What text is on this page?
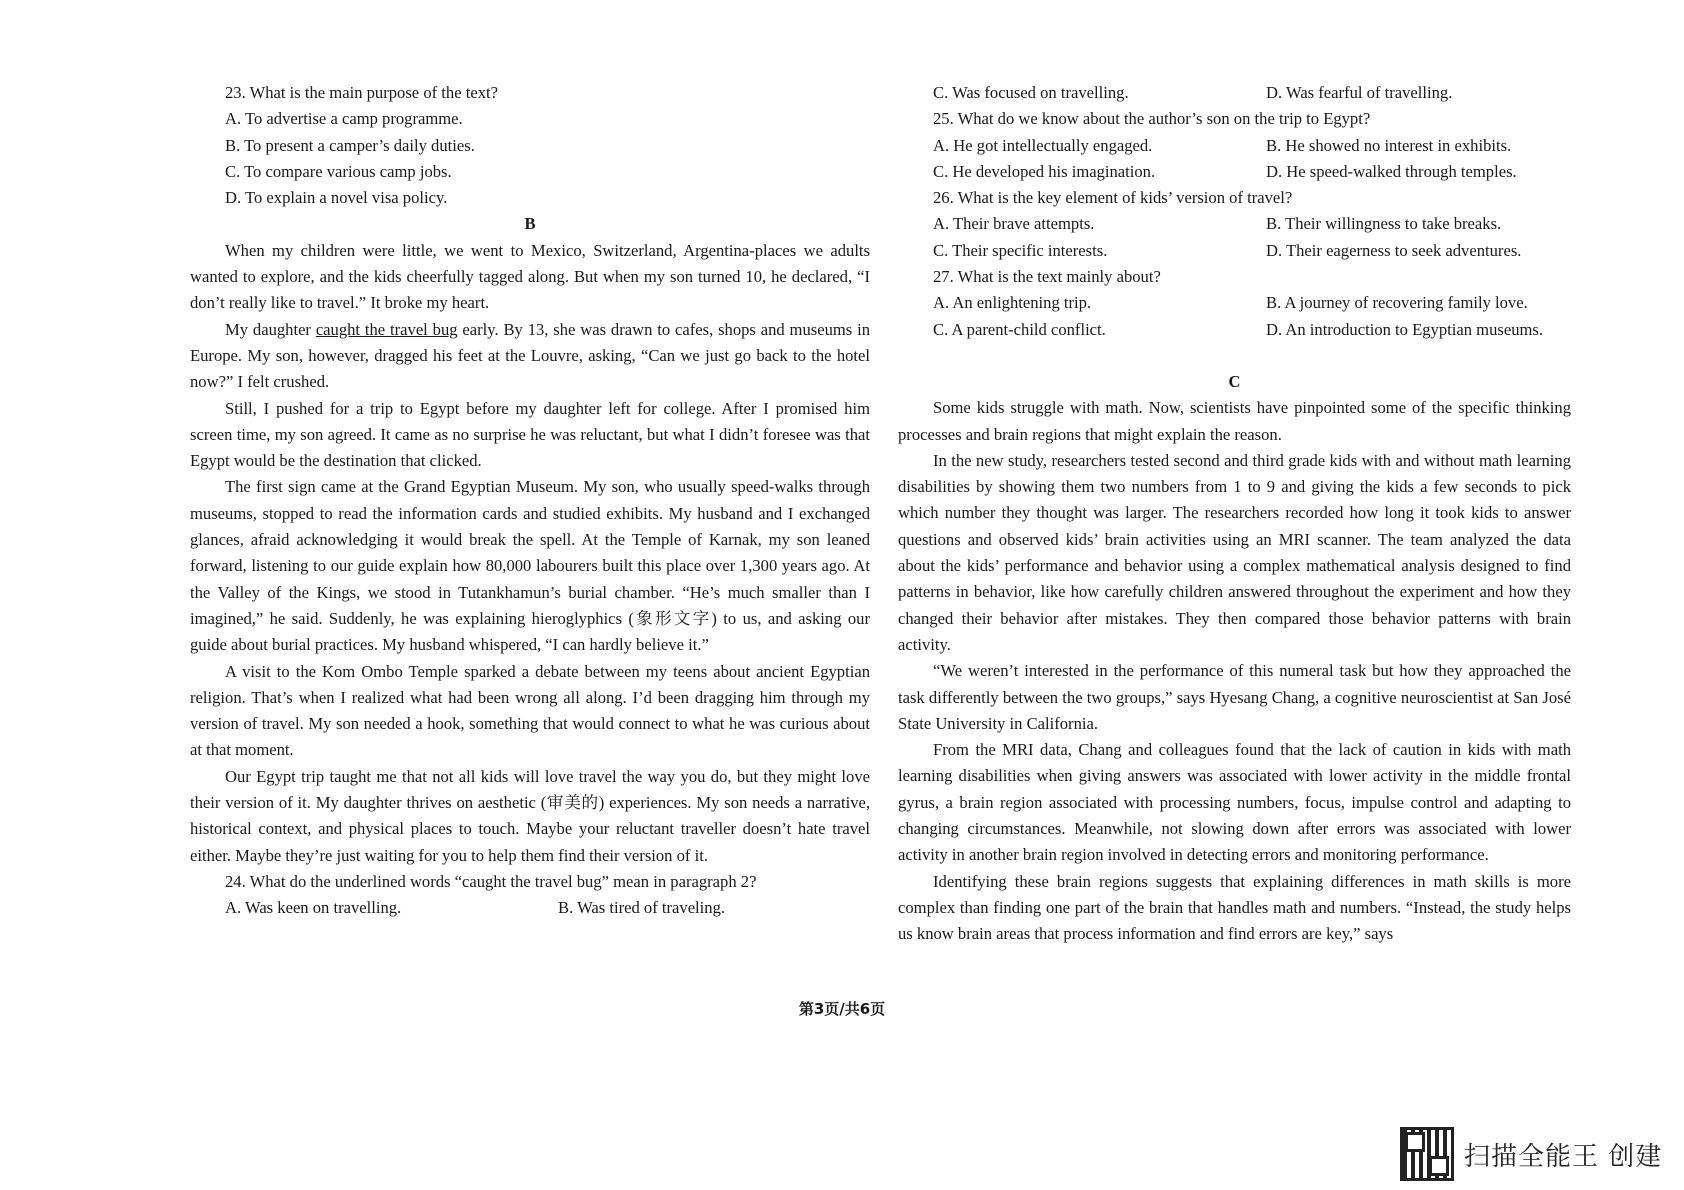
23. What is the main purpose of the text?

A. To advertise a camp programme.

B. To present a camper’s daily duties.

C. To compare various camp jobs.

D. To explain a novel visa policy.

B

When my children were little, we went to Mexico, Switzerland, Argentina-places we adults wanted to explore, and the kids cheerfully tagged along. But when my son turned 10, he declared, “I don’t really like to travel.” It broke my heart.

My daughter caught the travel bug early. By 13, she was drawn to cafes, shops and museums in Europe. My son, however, dragged his feet at the Louvre, asking, “Can we just go back to the hotel now?” I felt crushed.

Still, I pushed for a trip to Egypt before my daughter left for college. After I promised him screen time, my son agreed. It came as no surprise he was reluctant, but what I didn’t foresee was that Egypt would be the destination that clicked.

The first sign came at the Grand Egyptian Museum. My son, who usually speed-walks through museums, stopped to read the information cards and studied exhibits. My husband and I exchanged glances, afraid acknowledging it would break the spell. At the Temple of Karnak, my son leaned forward, listening to our guide explain how 80,000 labourers built this place over 1,300 years ago. At the Valley of the Kings, we stood in Tutankhamun’s burial chamber. “He’s much smaller than I imagined,” he said. Suddenly, he was explaining hieroglyphics (象形文字) to us, and asking our guide about burial practices. My husband whispered, “I can hardly believe it.”

A visit to the Kom Ombo Temple sparked a debate between my teens about ancient Egyptian religion. That’s when I realized what had been wrong all along. I’d been dragging him through my version of travel. My son needed a hook, something that would connect to what he was curious about at that moment.

Our Egypt trip taught me that not all kids will love travel the way you do, but they might love their version of it. My daughter thrives on aesthetic (审美的) experiences. My son needs a narrative, historical context, and physical places to touch. Maybe your reluctant traveller doesn’t hate travel either. Maybe they’re just waiting for you to help them find their version of it.

24. What do the underlined words “caught the travel bug” mean in paragraph 2?

A. Was keen on travelling.	B. Was tired of traveling.
C. Was focused on travelling.	D. Was fearful of travelling.

25. What do we know about the author’s son on the trip to Egypt?

A. He got intellectually engaged.	B. He showed no interest in exhibits.
C. He developed his imagination.	D. He speed-walked through temples.

26. What is the key element of kids’ version of travel?

A. Their brave attempts.	B. Their willingness to take breaks.
C. Their specific interests.	D. Their eagerness to seek adventures.

27. What is the text mainly about?

A. An enlightening trip.	B. A journey of recovering family love.
C. A parent-child conflict.	D. An introduction to Egyptian museums.

C

Some kids struggle with math. Now, scientists have pinpointed some of the specific thinking processes and brain regions that might explain the reason.

In the new study, researchers tested second and third grade kids with and without math learning disabilities by showing them two numbers from 1 to 9 and giving the kids a few seconds to pick which number they thought was larger. The researchers recorded how long it took kids to answer questions and observed kids’ brain activities using an MRI scanner. The team analyzed the data about the kids’ performance and behavior using a complex mathematical analysis designed to find patterns in behavior, like how carefully children answered throughout the experiment and how they changed their behavior after mistakes. They then compared those behavior patterns with brain activity.

“We weren’t interested in the performance of this numeral task but how they approached the task differently between the two groups,” says Hyesang Chang, a cognitive neuroscientist at San José State University in California.

From the MRI data, Chang and colleagues found that the lack of caution in kids with math learning disabilities when giving answers was associated with lower activity in the middle frontal gyrus, a brain region associated with processing numbers, focus, impulse control and adapting to changing circumstances. Meanwhile, not slowing down after errors was associated with lower activity in another brain region involved in detecting errors and monitoring performance.

Identifying these brain regions suggests that explaining differences in math skills is more complex than finding one part of the brain that handles math and numbers. “Instead, the study helps us know brain areas that process information and find errors are key,” says

第3页/共6页
扫描全能王 创建
